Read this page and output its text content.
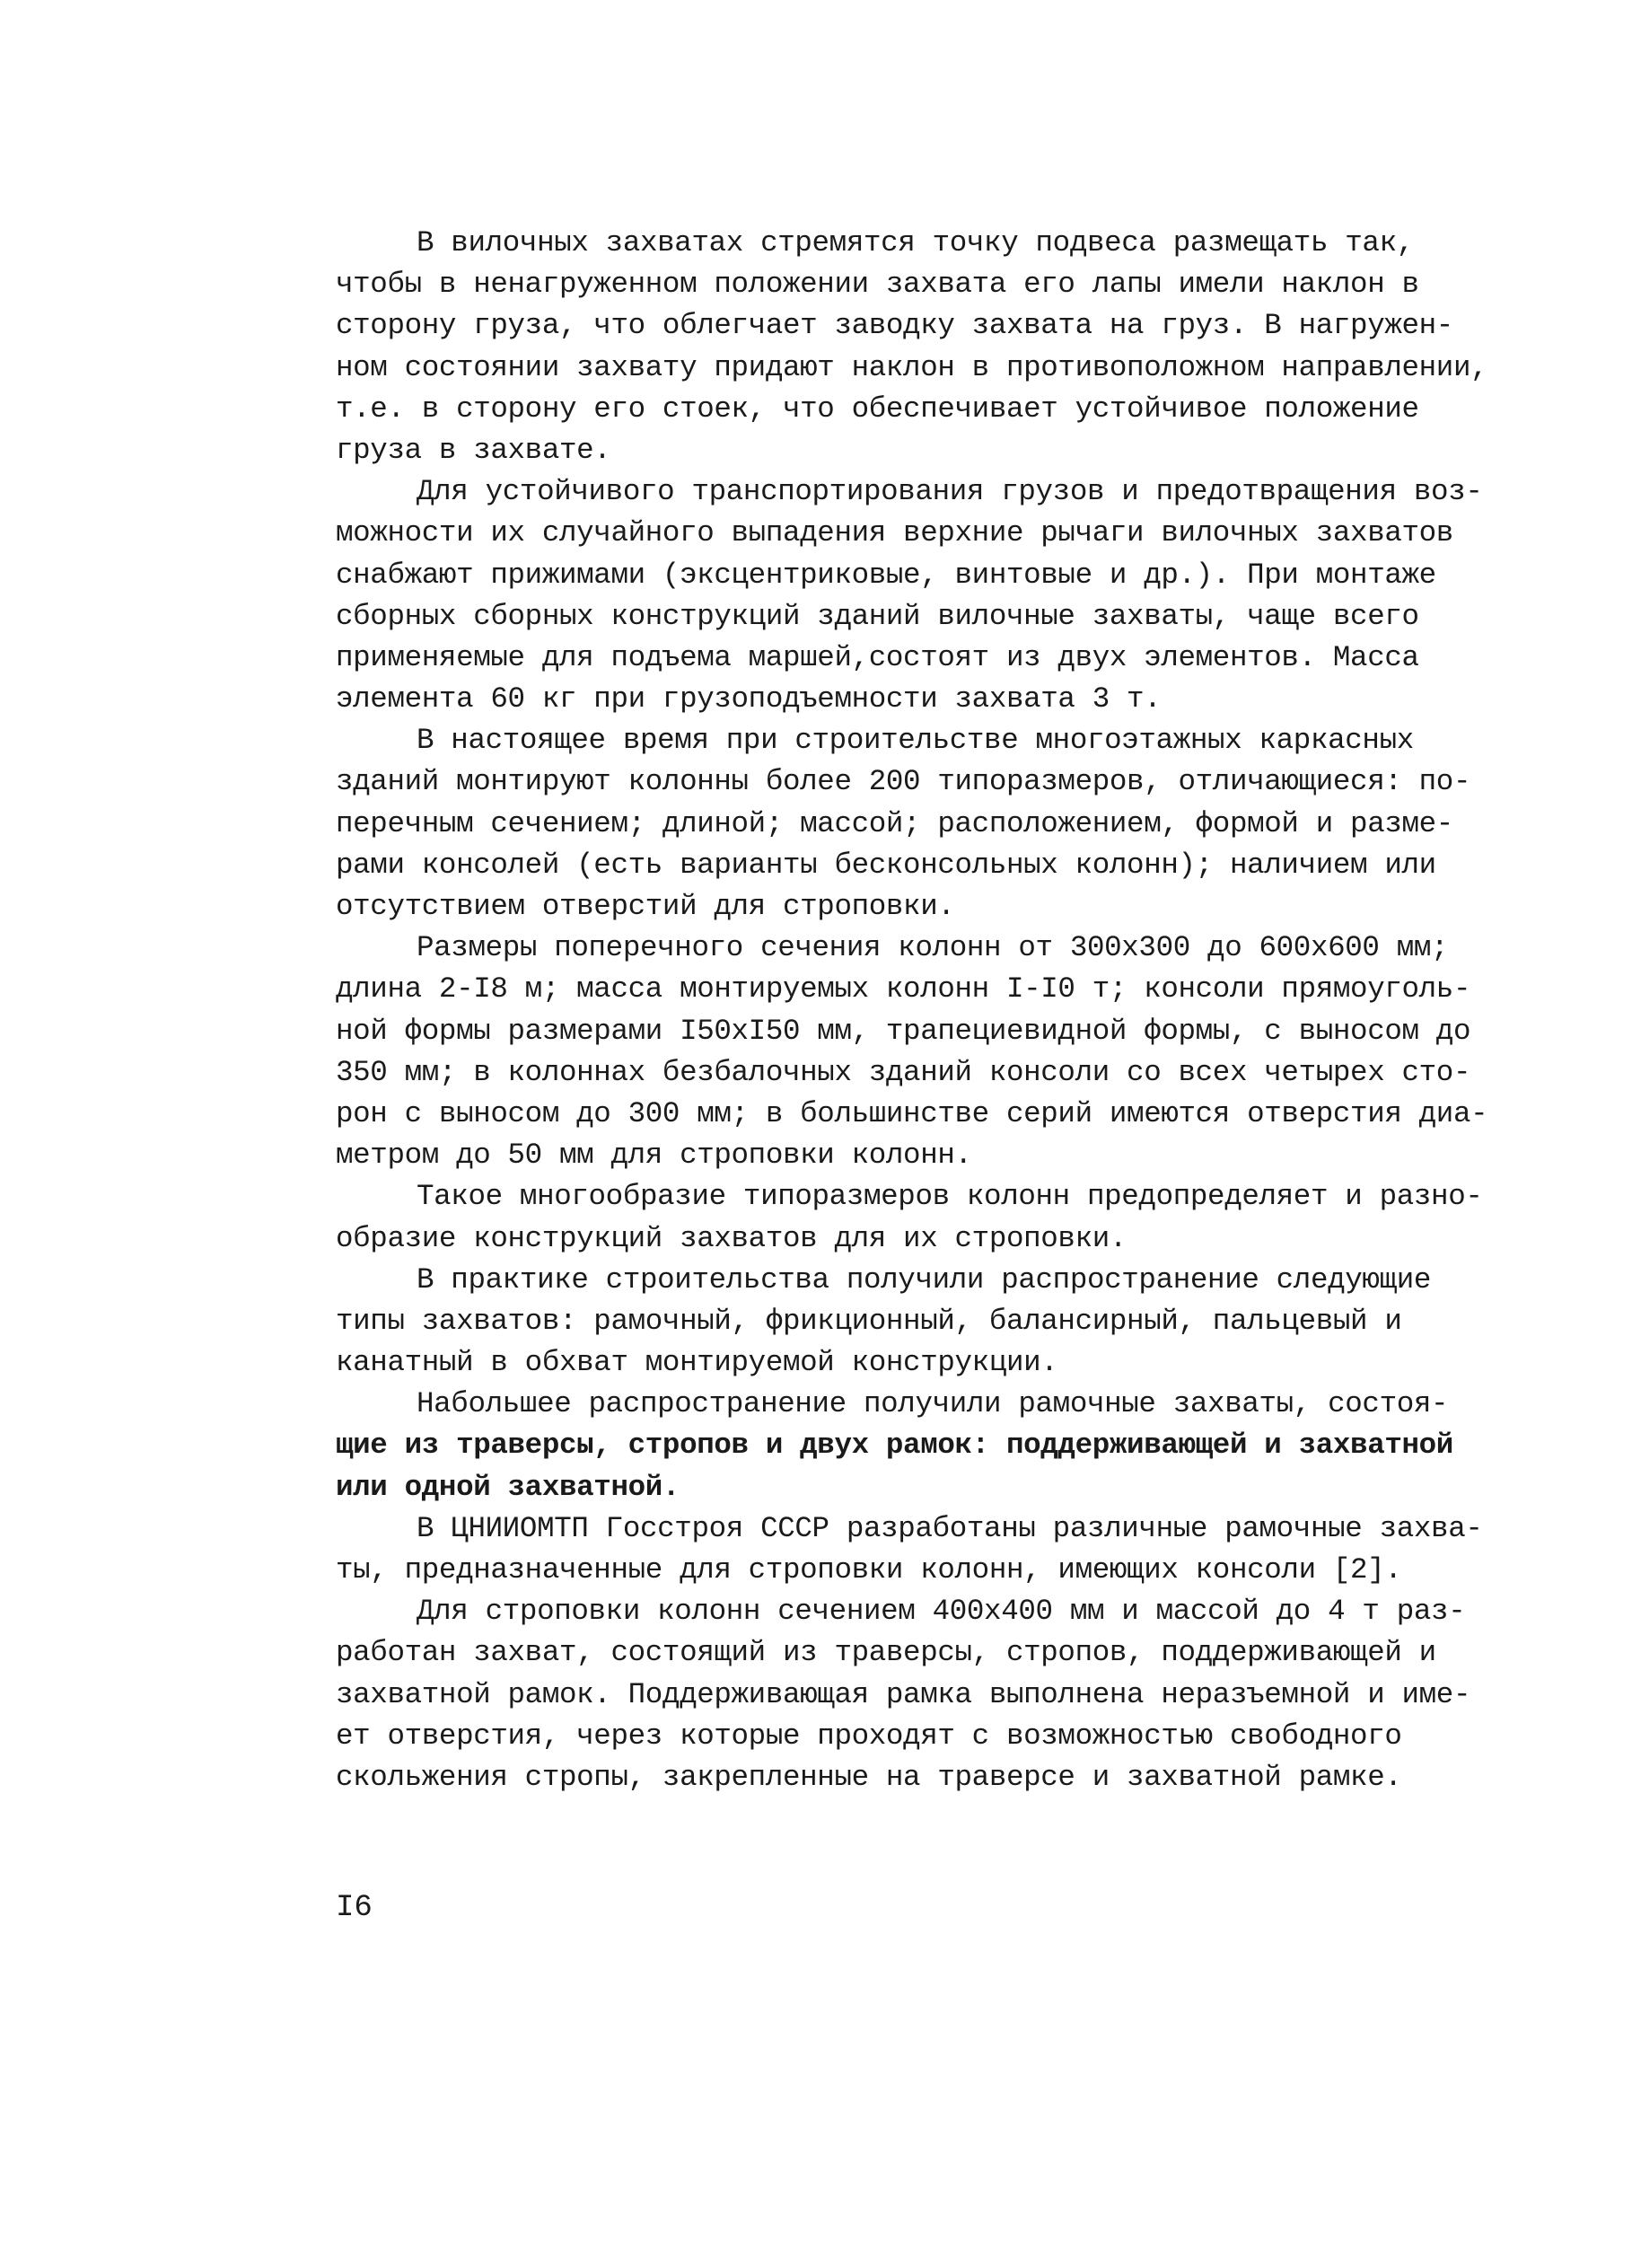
В вилочных захватах стремятся точку подвеса размещать так,
чтобы в ненагруженном положении захвата его лапы имели наклон в
сторону груза, что облегчает заводку захвата на груз. В нагружен-
ном состоянии захвату придают наклон в противоположном направлении,
т.е. в сторону его стоек, что обеспечивает устойчивое положение
груза в захвате.
Для устойчивого транспортирования грузов и предотвращения воз-
можности их случайного выпадения верхние рычаги вилочных захватов
снабжают прижимами (эксцентриковые, винтовые и др.). При монтаже
сборных сборных конструкций зданий вилочные захваты, чаще всего
применяемые для подъема маршей,состоят из двух элементов. Масса
элемента 60 кг при грузоподъемности захвата 3 т.
В настоящее время при строительстве многоэтажных каркасных
зданий монтируют колонны более 200 типоразмеров, отличающиеся: по-
перечным сечением; длиной; массой; расположением, формой и разме-
рами консолей (есть варианты бесконсольных колонн); наличием или
отсутствием отверстий для строповки.
Размеры поперечного сечения колонн от 300х300 до 600х600 мм;
длина 2-I8 м; масса монтируемых колонн I-I0 т; консоли прямоуголь-
ной формы размерами I50хI50 мм, трапециевидной формы, с выносом до
350 мм; в колоннах безбалочных зданий консоли со всех четырех сто-
рон с выносом до 300 мм; в большинстве серий имеются отверстия диа-
метром до 50 мм для строповки колонн.
Такое многообразие типоразмеров колонн предопределяет и разно-
образие конструкций захватов для их строповки.
В практике строительства получили распространение следующие
типы захватов: рамочный, фрикционный, балансирный, пальцевый и
канатный в обхват монтируемой конструкции.
Набольшее распространение получили рамочные захваты, состоя-
щие из траверсы, стропов и двух рамок: поддерживающей и захватной
или одной захватной.
В ЦНИИОМТП Госстроя СССР разработаны различные рамочные захва-
ты, предназначенные для строповки колонн, имеющих консоли [2].
Для строповки колонн сечением 400х400 мм и массой до 4 т раз-
работан захват, состоящий из траверсы, стропов, поддерживающей и
захватной рамок. Поддерживающая рамка выполнена неразъемной и име-
ет отверстия, через которые проходят с возможностью свободного
скольжения стропы, закрепленные на траверсе и захватной рамке.
I6
